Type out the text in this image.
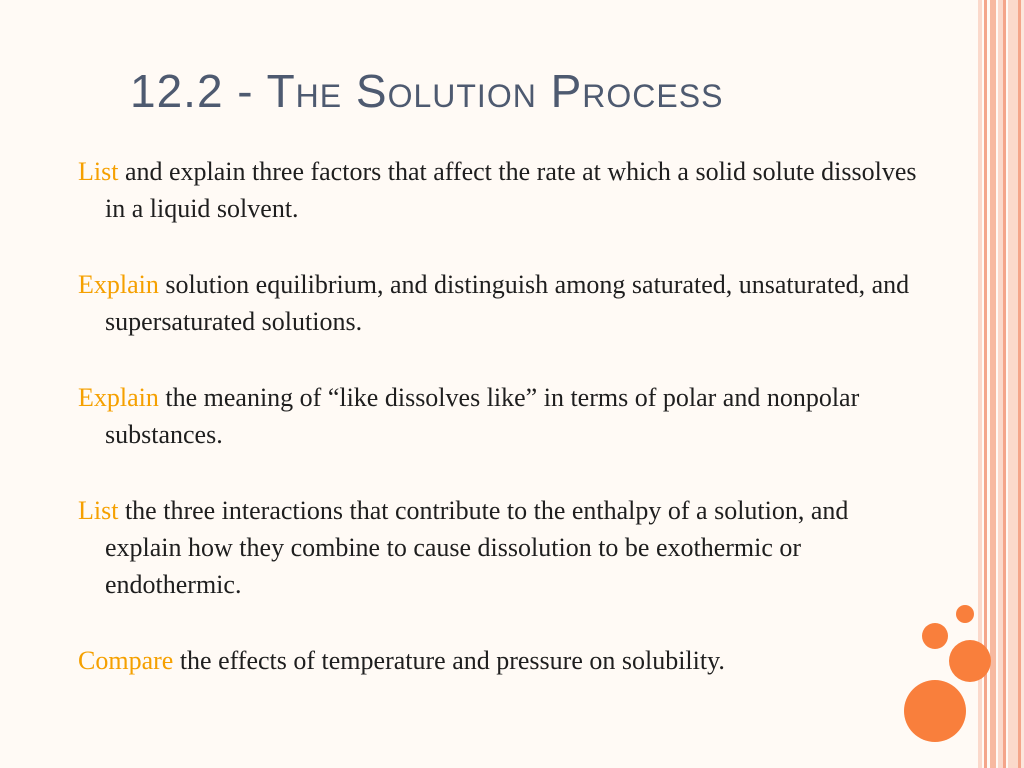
12.2 - The Solution Process
List and explain three factors that affect the rate at which a solid solute dissolves in a liquid solvent.
Explain solution equilibrium, and distinguish among saturated, unsaturated, and supersaturated solutions.
Explain the meaning of “like dissolves like” in terms of polar and nonpolar substances.
List the three interactions that contribute to the enthalpy of a solution, and explain how they combine to cause dissolution to be exothermic or endothermic.
Compare the effects of temperature and pressure on solubility.
